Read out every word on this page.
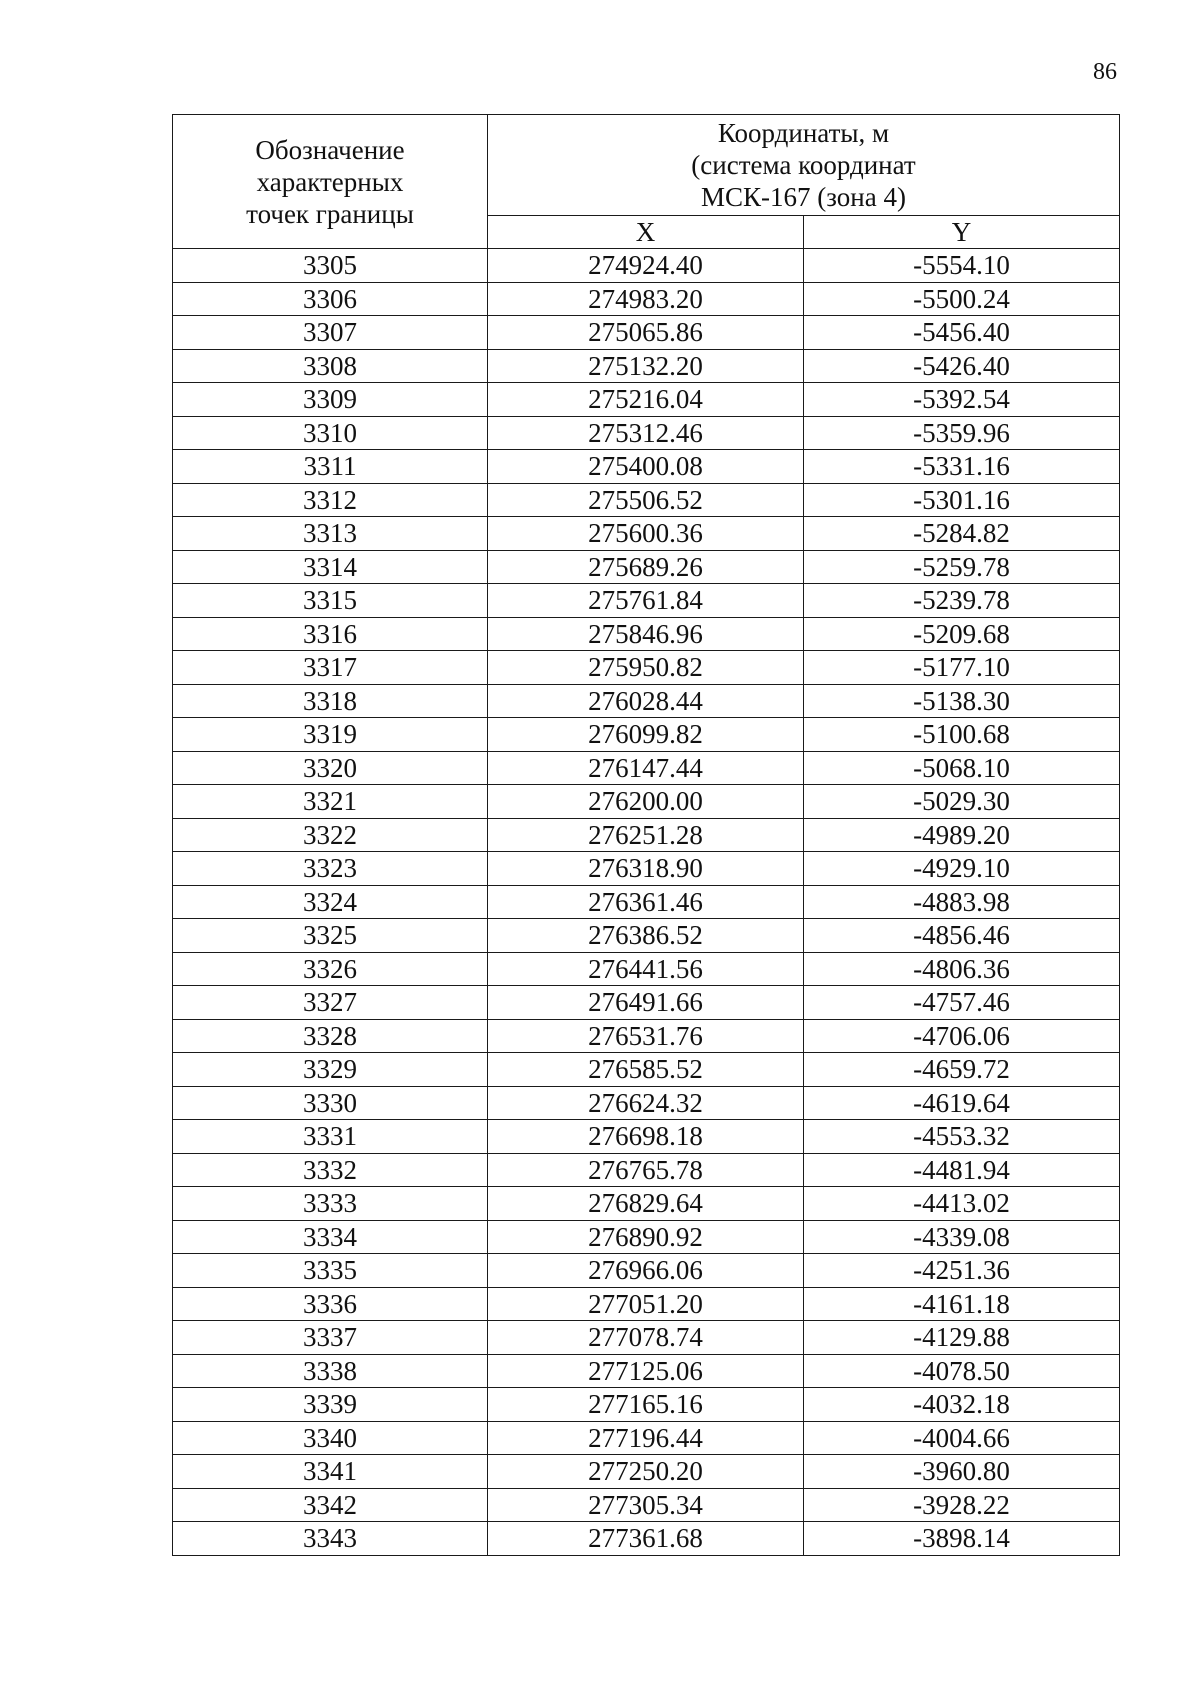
86
Обозначение
характерных
точек границы	Координаты, м
(система координат
МСК-167 (зона 4)	

	X	Y
3305	274924.40	-5554.10
3306	274983.20	-5500.24
3307	275065.86	-5456.40
3308	275132.20	-5426.40
3309	275216.04	-5392.54
3310	275312.46	-5359.96
3311	275400.08	-5331.16
3312	275506.52	-5301.16
3313	275600.36	-5284.82
3314	275689.26	-5259.78
3315	275761.84	-5239.78
3316	275846.96	-5209.68
3317	275950.82	-5177.10
3318	276028.44	-5138.30
3319	276099.82	-5100.68
3320	276147.44	-5068.10
3321	276200.00	-5029.30
3322	276251.28	-4989.20
3323	276318.90	-4929.10
3324	276361.46	-4883.98
3325	276386.52	-4856.46
3326	276441.56	-4806.36
3327	276491.66	-4757.46
3328	276531.76	-4706.06
3329	276585.52	-4659.72
3330	276624.32	-4619.64
3331	276698.18	-4553.32
3332	276765.78	-4481.94
3333	276829.64	-4413.02
3334	276890.92	-4339.08
3335	276966.06	-4251.36
3336	277051.20	-4161.18
3337	277078.74	-4129.88
3338	277125.06	-4078.50
3339	277165.16	-4032.18
3340	277196.44	-4004.66
3341	277250.20	-3960.80
3342	277305.34	-3928.22
3343	277361.68	-3898.14
